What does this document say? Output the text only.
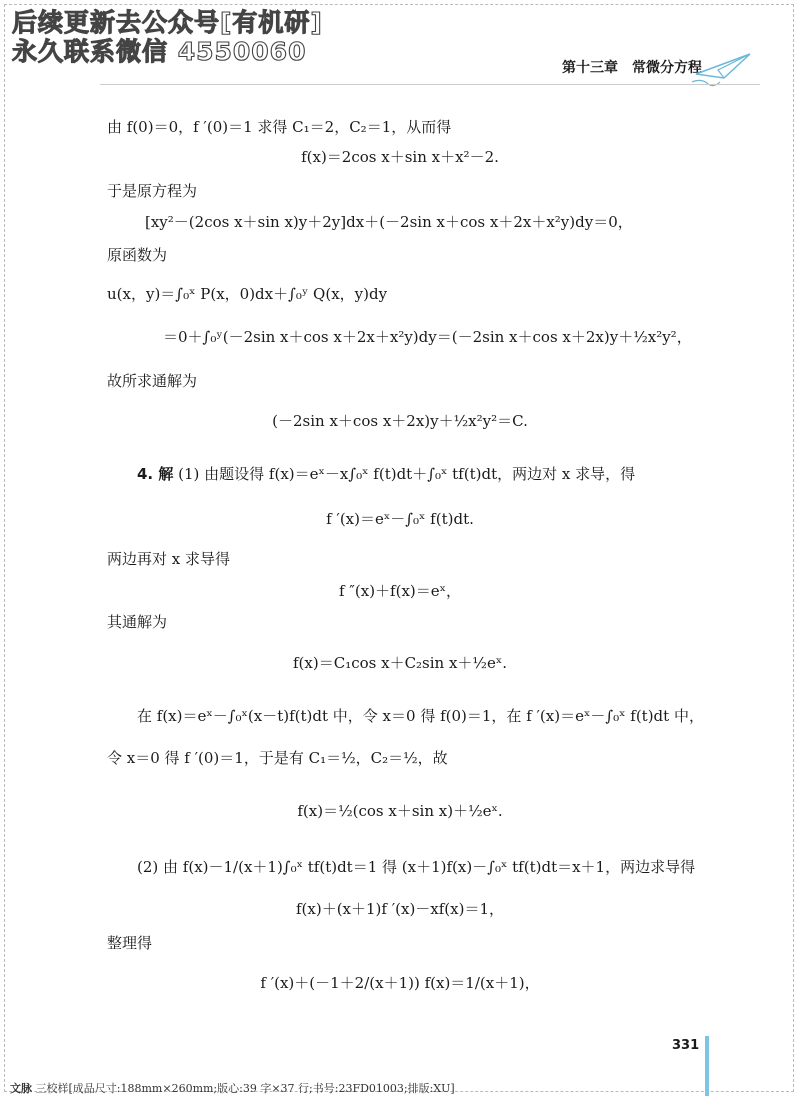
后续更新去公众号[有机研]
永久联系微信 4550060
第十三章　常微分方程
由 f(0)＝0，f ′(0)＝1 求得 C₁＝2，C₂＝1，从而得
f(x)＝2cos x＋sin x＋x²－2.
于是原方程为
[xy²－(2cos x＋sin x)y＋2y]dx＋(－2sin x＋cos x＋2x＋x²y)dy＝0，
原函数为
u(x，y)＝∫₀ˣ P(x，0)dx＋∫₀ʸ Q(x，y)dy
＝0＋∫₀ʸ(－2sin x＋cos x＋2x＋x²y)dy＝(－2sin x＋cos x＋2x)y＋½x²y²，
故所求通解为
(－2sin x＋cos x＋2x)y＋½x²y²＝C.
4. 解 (1) 由题设得 f(x)＝eˣ－x∫₀ˣ f(t)dt＋∫₀ˣ tf(t)dt，两边对 x 求导，得
f ′(x)＝eˣ－∫₀ˣ f(t)dt.
两边再对 x 求导得
f ″(x)＋f(x)＝eˣ，
其通解为
f(x)＝C₁cos x＋C₂sin x＋½eˣ.
在 f(x)＝eˣ－∫₀ˣ(x－t)f(t)dt 中，令 x＝0 得 f(0)＝1，在 f ′(x)＝eˣ－∫₀ˣ f(t)dt 中，
令 x＝0 得 f ′(0)＝1，于是有 C₁＝½，C₂＝½，故
f(x)＝½(cos x＋sin x)＋½eˣ.
(2) 由 f(x)－1/(x＋1)∫₀ˣ tf(t)dt＝1 得 (x＋1)f(x)－∫₀ˣ tf(t)dt＝x＋1，两边求导得
f(x)＋(x＋1)f ′(x)－xf(x)＝1，
整理得
f ′(x)＋(－1＋2/(x＋1)) f(x)＝1/(x＋1)，
331
文脉 三校样[成品尺寸:188mm×260mm;版心:39 字×37 行;书号:23FD01003;排版:XU]
